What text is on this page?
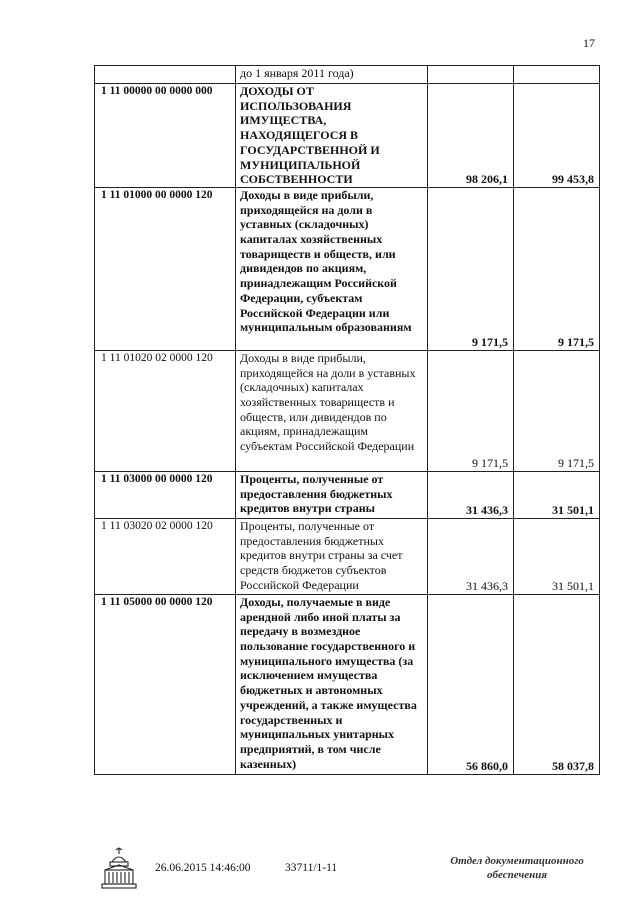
17
	до 1 января 2011 года)		
1 11 00000 00 0000 000	ДОХОДЫ ОТ ИСПОЛЬЗОВАНИЯ ИМУЩЕСТВА, НАХОДЯЩЕГОСЯ В ГОСУДАРСТВЕННОЙ И МУНИЦИПАЛЬНОЙ СОБСТВЕННОСТИ	98 206,1	99 453,8
1 11 01000 00 0000 120	Доходы в виде прибыли, приходящейся на доли в уставных (складочных) капиталах хозяйственных товариществ и обществ, или дивидендов по акциям, принадлежащим Российской Федерации, субъектам Российской Федерации или муниципальным образованиям	9 171,5	9 171,5
1 11 01020 02 0000 120	Доходы в виде прибыли, приходящейся на доли в уставных (складочных) капиталах хозяйственных товариществ и обществ, или дивидендов по акциям, принадлежащим субъектам Российской Федерации	9 171,5	9 171,5
1 11 03000 00 0000 120	Проценты, полученные от предоставления бюджетных кредитов внутри страны	31 436,3	31 501,1
1 11 03020 02 0000 120	Проценты, полученные от предоставления бюджетных кредитов внутри страны за счет средств бюджетов субъектов Российской Федерации	31 436,3	31 501,1
1 11 05000 00 0000 120	Доходы, получаемые в виде арендной либо иной платы за передачу в возмездное пользование государственного и муниципального имущества (за исключением имущества бюджетных и автономных учреждений, а также имущества государственных и муниципальных унитарных предприятий, в том числе казенных)	56 860,0	58 037,8
26.06.2015 14:46:00	33711/1-11
Отдел документационного
обеспечения
